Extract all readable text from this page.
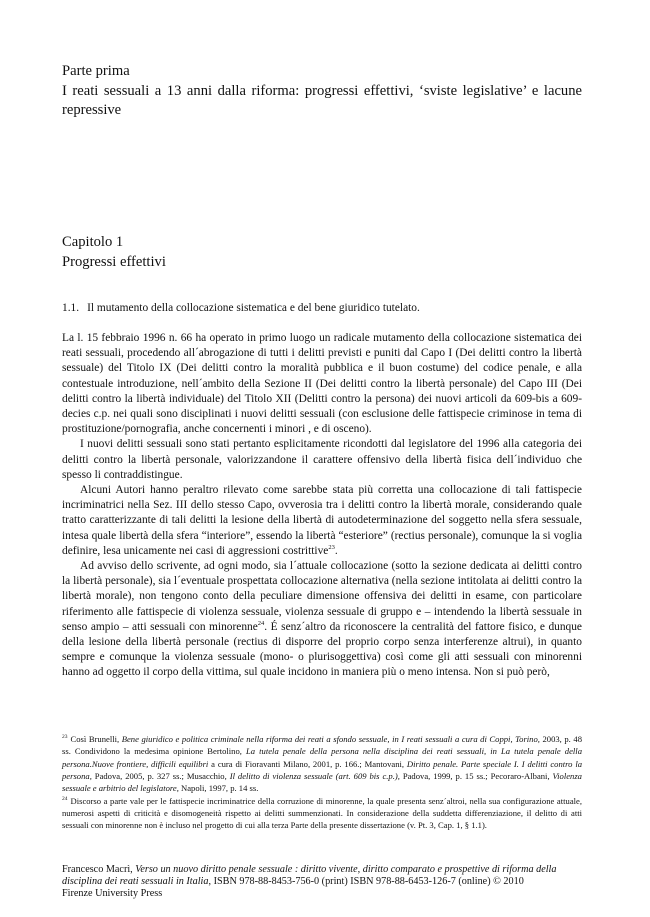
Parte prima
I reati sessuali a 13 anni dalla riforma: progressi effettivi, ‘sviste legislative’ e lacune repressive
Capitolo 1
Progressi effettivi
1.1. Il mutamento della collocazione sistematica e del bene giuridico tutelato.

La l. 15 febbraio 1996 n. 66 ha operato in primo luogo un radicale mutamento della collocazione sistematica dei reati sessuali, procedendo all´abrogazione di tutti i delitti previsti e puniti dal Capo I (Dei delitti contro la libertà sessuale) del Titolo IX (Dei delitti contro la moralità pubblica e il buon costume) del codice penale, e alla contestuale introduzione, nell´ambito della Sezione II (Dei delitti contro la libertà personale) del Capo III (Dei delitti contro la libertà individuale) del Titolo XII (Delitti contro la persona) dei nuovi articoli da 609-bis a 609-decies c.p. nei quali sono disciplinati i nuovi delitti sessuali (con esclusione delle fattispecie criminose in tema di prostituzione/pornografia, anche concernenti i minori , e di osceno).

I nuovi delitti sessuali sono stati pertanto esplicitamente ricondotti dal legislatore del 1996 alla categoria dei delitti contro la libertà personale, valorizzandone il carattere offensivo della libertà fisica dell´individuo che spesso li contraddistingue.

Alcuni Autori hanno peraltro rilevato come sarebbe stata più corretta una collocazione di tali fattispecie incriminatrici nella Sez. III dello stesso Capo, ovverosia tra i delitti contro la libertà morale, considerando quale tratto caratterizzante di tali delitti la lesione della libertà di autodeterminazione del soggetto nella sfera sessuale, intesa quale libertà della sfera “interiore”, essendo la libertà “esteriore” (rectius personale), comunque la si voglia definire, lesa unicamente nei casi di aggressioni costrittive$^{23}$.

Ad avviso dello scrivente, ad ogni modo, sia l´attuale collocazione (sotto la sezione dedicata ai delitti contro la libertà personale), sia l´eventuale prospettata collocazione alternativa (nella sezione intitolata ai delitti contro la libertà morale), non tengono conto della peculiare dimensione offensiva dei delitti in esame, con particolare riferimento alle fattispecie di violenza sessuale, violenza sessuale di gruppo e – intendendo la libertà sessuale in senso ampio – atti sessuali con minorenne$^{24}$. É senz´altro da riconoscere la centralità del fattore fisico, e dunque della lesione della libertà personale (rectius di disporre del proprio corpo senza interferenze altrui), in quanto sempre e comunque la violenza sessuale (mono- o plurisoggettiva) così come gli atti sessuali con minorenni hanno ad oggetto il corpo della vittima, sul quale incidono in maniera più o meno intensa. Non si può però,

$^{23}$ Così Brunelli, Bene giuridico e politica criminale nella riforma dei reati a sfondo sessuale, in I reati sessuali a cura di Coppi, Torino, 2003, p. 48 ss. Condividono la medesima opinione Bertolino, La tutela penale della persona nella disciplina dei reati sessuali, in La tutela penale della persona.Nuove frontiere, difficili equilibri a cura di Fioravanti Milano, 2001, p. 166.; Mantovani, Diritto penale. Parte speciale I. I delitti contro la persona, Padova, 2005, p. 327 ss.; Musacchio, Il delitto di violenza sessuale (art. 609 bis c.p.), Padova, 1999, p. 15 ss.; Pecoraro-Albani, Violenza sessuale e arbitrio del legislatore, Napoli, 1997, p. 14 ss.

$^{24}$ Discorso a parte vale per le fattispecie incriminatrice della corruzione di minorenne, la quale presenta senz´altroi, nella sua configurazione attuale, numerosi aspetti di criticità e disomogeneità rispetto ai delitti summenzionati. In considerazione della suddetta differenziazione, il delitto di atti sessuali con minorenne non è incluso nel progetto di cui alla terza Parte della presente dissertazione (v. Pt. 3, Cap. 1, § 1.1).

Francesco Macrì, Verso un nuovo diritto penale sessuale : diritto vivente, diritto comparato e prospettive di riforma della disciplina dei reati sessuali in Italia, ISBN 978-88-8453-756-0 (print) ISBN 978-88-6453-126-7 (online) © 2010

Firenze University Press
